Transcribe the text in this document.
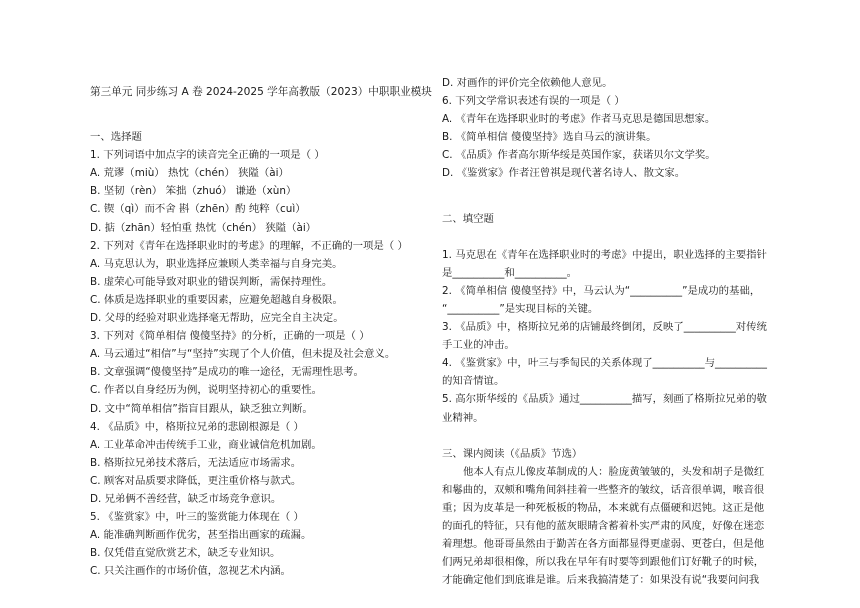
第三单元 同步练习 A 卷 2024-2025 学年高教版（2023）中职职业模块
一、选择题
1. 下列词语中加点字的读音完全正确的一项是（ ）
A. 荒谬（miù） 热忱（chén） 狭隘（ài）
B. 坚韧（rèn） 笨拙（zhuó） 谦逊（xùn）
C. 锲（qì）而不舍 斟（zhēn）酌 纯粹（cuì）
D. 掂（zhān）轻怕重 热忱（chén） 狭隘（ài）
2. 下列对《青年在选择职业时的考虑》的理解，不正确的一项是（ ）
A. 马克思认为，职业选择应兼顾人类幸福与自身完美。
B. 虚荣心可能导致对职业的错误判断，需保持理性。
C. 体质是选择职业的重要因素，应避免超越自身极限。
D. 父母的经验对职业选择毫无帮助，应完全自主决定。
3. 下列对《简单相信 傻傻坚持》的分析，正确的一项是（ ）
A. 马云通过“相信”与“坚持”实现了个人价值，但未提及社会意义。
B. 文章强调“傻傻坚持”是成功的唯一途径，无需理性思考。
C. 作者以自身经历为例，说明坚持初心的重要性。
D. 文中“简单相信”指盲目跟从，缺乏独立判断。
4. 《品质》中，格斯拉兄弟的悲剧根源是（ ）
A. 工业革命冲击传统手工业，商业诚信危机加剧。
B. 格斯拉兄弟技术落后，无法适应市场需求。
C. 顾客对品质要求降低，更注重价格与款式。
D. 兄弟俩不善经营，缺乏市场竞争意识。
5. 《鉴赏家》中，叶三的鉴赏能力体现在（ ）
A. 能准确判断画作优劣，甚至指出画家的疏漏。
B. 仅凭借直觉欣赏艺术，缺乏专业知识。
C. 只关注画作的市场价值，忽视艺术内涵。
D. 对画作的评价完全依赖他人意见。
6. 下列文学常识表述有误的一项是（ ）
A. 《青年在选择职业时的考虑》作者马克思是德国思想家。
B. 《简单相信 傻傻坚持》选自马云的演讲集。
C. 《品质》作者高尔斯华绥是英国作家，获诺贝尔文学奖。
D. 《鉴赏家》作者汪曾祺是现代著名诗人、散文家。
二、填空题
1. 马克思在《青年在选择职业时的考虑》中提出，职业选择的主要指针
是__________和__________。
2. 《简单相信 傻傻坚持》中，马云认为“__________”是成功的基础，
“__________”是实现目标的关键。
3. 《品质》中，格斯拉兄弟的店铺最终倒闭，反映了__________对传统
手工业的冲击。
4. 《鉴赏家》中，叶三与季匋民的关系体现了__________与__________
的知音情谊。
5. 高尔斯华绥的《品质》通过__________描写，刻画了格斯拉兄弟的敬
业精神。
三、课内阅读（《品质》节选）
他本人有点儿像皮革制成的人：脸庞黄皱皱的，头发和胡子是微红
和鬈曲的，双颊和嘴角间斜挂着一些整齐的皱纹，话音很单调，喉音很
重；因为皮革是一种死板板的物品，本来就有点僵硬和迟钝。这正是他
的面孔的特征，只有他的蓝灰眼睛含蓄着朴实严肃的风度，好像在迷恋
着理想。他哥哥虽然由于勤苦在各方面都显得更虚弱、更苍白，但是他
们两兄弟却很相像，所以我在早年有时要等到跟他们订好靴子的时候，
才能确定他们到底谁是谁。后来我搞清楚了：如果没有说“我要问问我
